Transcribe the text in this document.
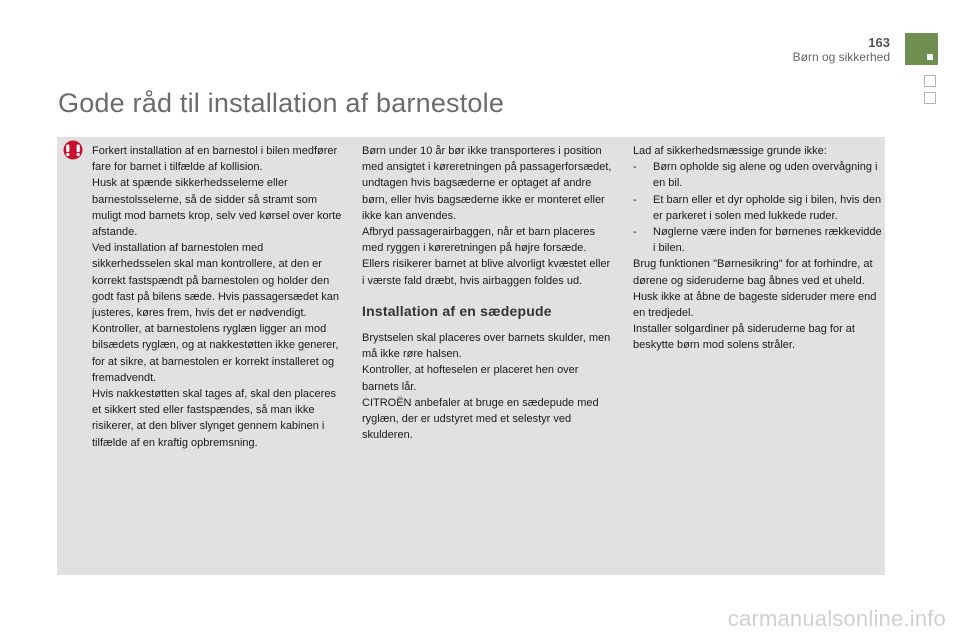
163
Børn og sikkerhed
Gode råd til installation af barnestole

Forkert installation af en barnestol i bilen medfører fare for barnet i tilfælde af kollision.

Husk at spænde sikkerhedsselerne eller barnestolsselerne, så de sidder så stramt som muligt mod barnets krop, selv ved kørsel over korte afstande.

Ved installation af barnestolen med sikkerhedsselen skal man kontrollere, at den er korrekt fastspændt på barnestolen og holder den godt fast på bilens sæde. Hvis passagersædet kan justeres, køres frem, hvis det er nødvendigt.

Kontroller, at barnestolens ryglæn ligger an mod bilsædets ryglæn, og at nakkestøtten ikke generer, for at sikre, at barnestolen er korrekt installeret og fremadvendt.

Hvis nakkestøtten skal tages af, skal den placeres et sikkert sted eller fastspændes, så man ikke risikerer, at den bliver slynget gennem kabinen i tilfælde af en kraftig opbremsning.

Børn under 10 år bør ikke transporteres i position med ansigtet i køreretningen på passagerforsædet, undtagen hvis bagsæderne er optaget af andre børn, eller hvis bagsæderne ikke er monteret eller ikke kan anvendes.

Afbryd passagerairbaggen, når et barn placeres med ryggen i køreretningen på højre forsæde.

Ellers risikerer barnet at blive alvorligt kvæstet eller i værste fald dræbt, hvis airbaggen foldes ud.

Installation af en sædepude

Brystselen skal placeres over barnets skulder, men må ikke røre halsen.

Kontroller, at hofteselen er placeret hen over barnets lår.

CITROËN anbefaler at bruge en sædepude med ryglæn, der er udstyret med et selestyr ved skulderen.

Lad af sikkerhedsmæssige grunde ikke:

-	Børn opholde sig alene og uden overvågning i en bil.
-	Et barn eller et dyr opholde sig i bilen, hvis den er parkeret i solen med lukkede ruder.
-	Nøglerne være inden for børnenes rækkevidde i bilen.

Brug funktionen "Børnesikring" for at forhindre, at dørene og sideruderne bag åbnes ved et uheld.

Husk ikke at åbne de bageste sideruder mere end en tredjedel.

Installer solgardiner på sideruderne bag for at beskytte børn mod solens stråler.

carmanualsonline.info
